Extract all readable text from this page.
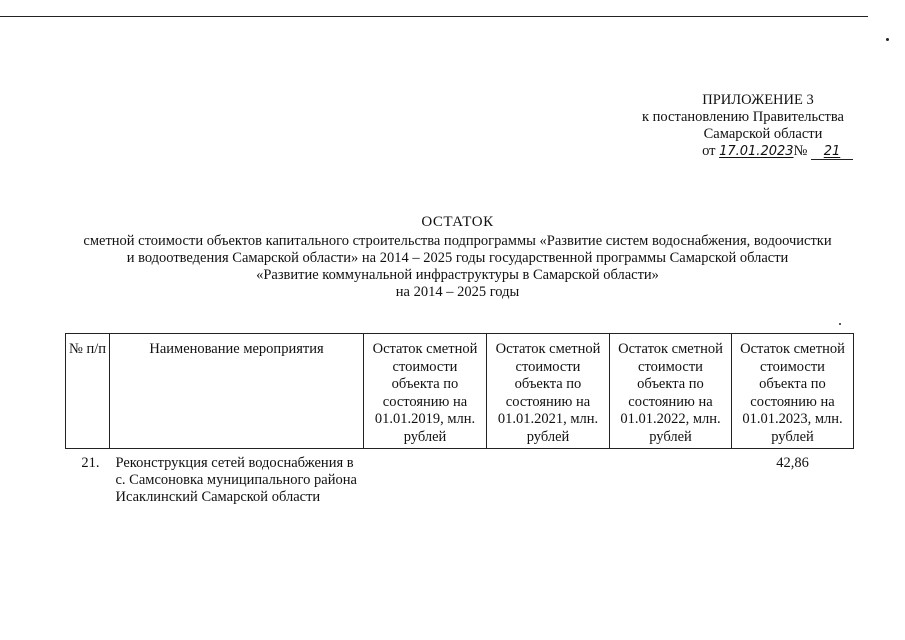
ПРИЛОЖЕНИЕ 3
к постановлению Правительства
Самарской области
от 17.01.2023№ 21
ОСТАТОК
сметной стоимости объектов капитального строительства подпрограммы «Развитие систем водоснабжения, водоочистки
и водоотведения Самарской области» на 2014 – 2025 годы государственной программы Самарской области
«Развитие коммунальной инфраструктуры в Самарской области»
на 2014 – 2025 годы
№ п/п	Наименование мероприятия	Остаток сметной стоимости объекта по состоянию на 01.01.2019, млн. рублей	Остаток сметной стоимости объекта по состоянию на 01.01.2021, млн. рублей	Остаток сметной стоимости объекта по состоянию на 01.01.2022, млн. рублей	Остаток сметной стоимости объекта по состоянию на 01.01.2023, млн. рублей
21.	Реконструкция сетей водоснабжения в с. Самсоновка муниципального района Исаклинский Самарской области				42,86
